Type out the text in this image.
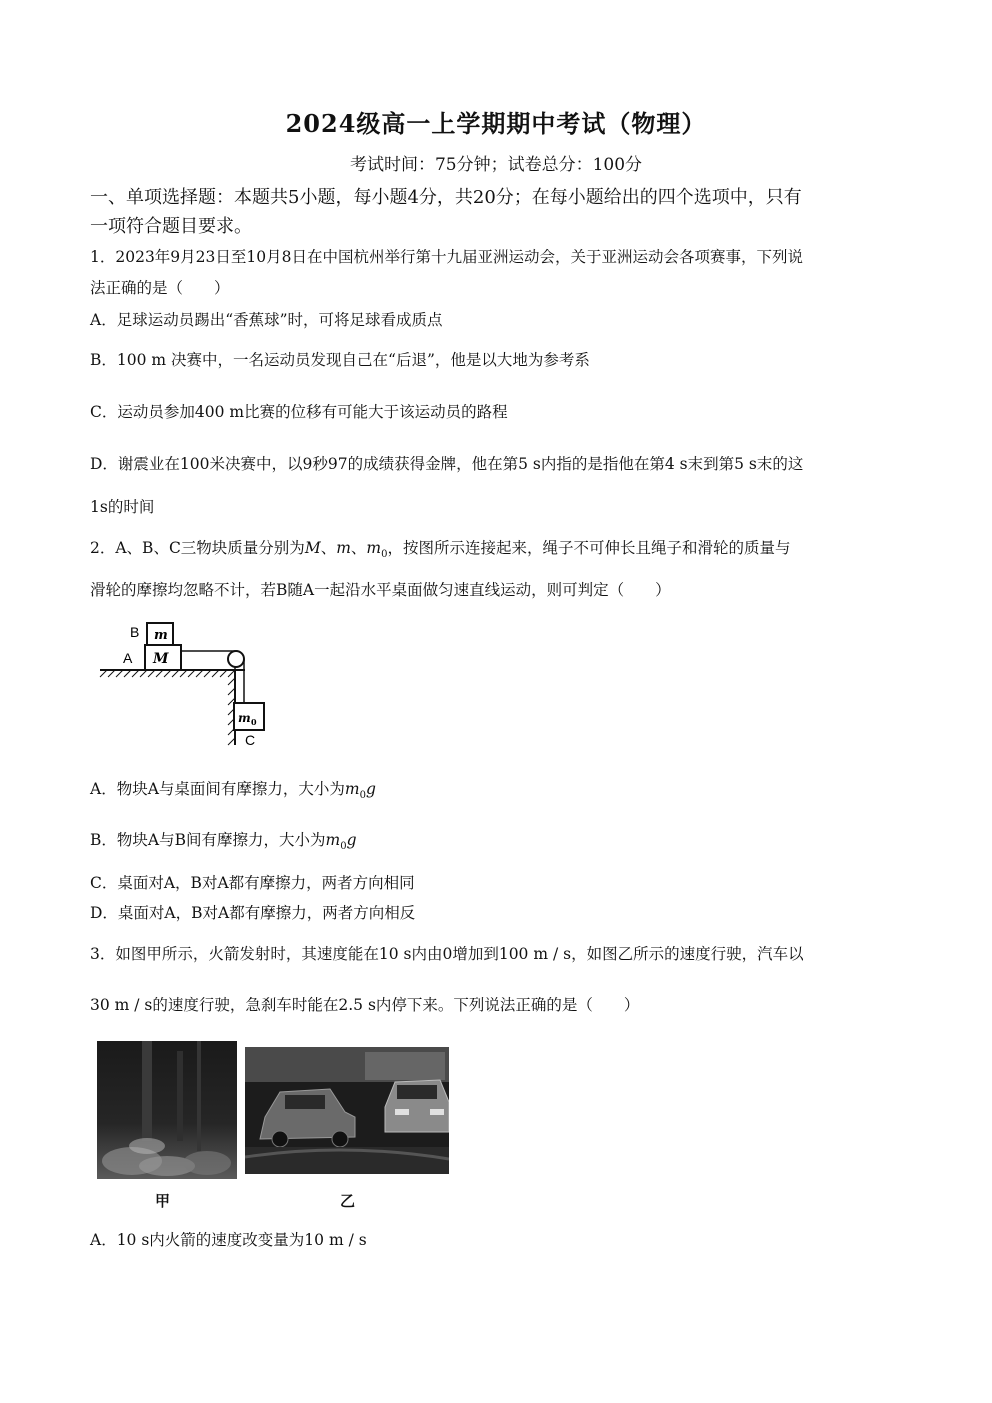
2024级高一上学期期中考试（物理）
考试时间：75分钟；试卷总分：100分
一、单项选择题：本题共5小题，每小题4分，共20分；在每小题给出的四个选项中，只有
一项符合题目要求。
1．2023年9月23日至10月8日在中国杭州举行第十九届亚洲运动会，关于亚洲运动会各项赛事，下列说
法正确的是（　　）
A．足球运动员踢出“香蕉球”时，可将足球看成质点
B．100 m 决赛中，一名运动员发现自己在“后退”，他是以大地为参考系
C．运动员参加400 m比赛的位移有可能大于该运动员的路程
D．谢震业在100米决赛中，以9秒97的成绩获得金牌，他在第5 s内指的是指他在第4 s末到第5 s末的这
1s的时间
2．A、B、C三物块质量分别为M、m、$m_0$，按图所示连接起来，绳子不可伸长且绳子和滑轮的质量与
滑轮的摩擦均忽略不计，若B随A一起沿水平桌面做匀速直线运动，则可判定（　　）
B
A
C
m
M
m 0
A．物块A与桌面间有摩擦力，大小为$m_0g$
B．物块A与B间有摩擦力，大小为$m_0g$
C．桌面对A，B对A都有摩擦力，两者方向相同
D．桌面对A，B对A都有摩擦力，两者方向相反
3．如图甲所示，火箭发射时，其速度能在10 s内由0增加到100 m / s，如图乙所示的速度行驶，汽车以
30 m / s的速度行驶，急刹车时能在2.5 s内停下来。下列说法正确的是（　　）
甲	乙
A．10 s内火箭的速度改变量为10 m / s
